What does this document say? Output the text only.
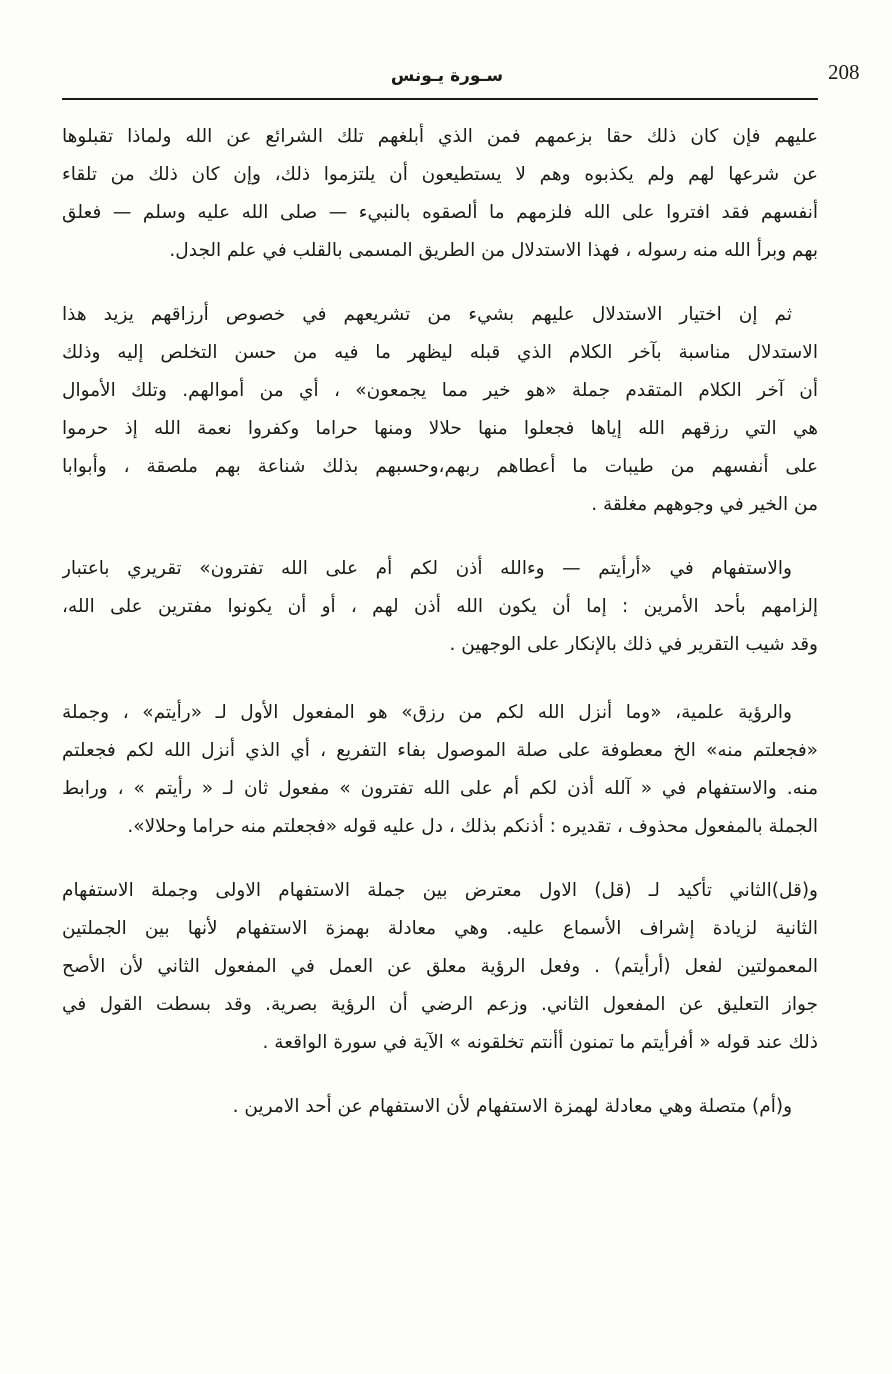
208
سـورة يـونس
عليهم فإن كان ذلك حقا بزعمهم فمن الذي أبلغهم تلك الشرائع عن الله ولماذا تقبلوها
عن شرعها لهم ولم يكذبوه وهم لا يستطيعون أن يلتزموا ذلك، وإن كان ذلك من تلقاء
أنفسهم فقد افتروا على الله فلزمهم ما ألصقوه بالنبيء — صلى الله عليه وسلم — فعلق
بهم وبرأ الله منه رسوله ، فهذا الاستدلال من الطريق المسمى بالقلب في علم الجدل.
ثم إن اختيار الاستدلال عليهم بشيء من تشريعهم في خصوص أرزاقهم يزيد هذا
الاستدلال مناسبة بآخر الكلام الذي قبله ليظهر ما فيه من حسن التخلص إليه وذلك
أن آخر الكلام المتقدم جملة «هو خير مما يجمعون» ، أي من أموالهم. وتلك الأموال
هي التي رزقهم الله إياها فجعلوا منها حلالا ومنها حراما وكفروا نعمة الله إذ حرموا
على أنفسهم من طيبات ما أعطاهم ربهم،وحسبهم بذلك شناعة بهم ملصقة ، وأبوابا
من الخير في وجوههم مغلقة .
والاستفهام في «أرأيتم — وءالله أذن لكم أم على الله تفترون» تقريري باعتبار
إلزامهم بأحد الأمرين : إما أن يكون الله أذن لهم ، أو أن يكونوا مفترين على الله،
وقد شيب التقرير في ذلك بالإنكار على الوجهين .
والرؤية علمية، «وما أنزل الله لكم من رزق» هو المفعول الأول لـ «رأيتم» ، وجملة
«فجعلتم منه» الخ معطوفة على صلة الموصول بفاء التفريع ، أي الذي أنزل الله لكم فجعلتم
منه. والاستفهام في « آلله أذن لكم أم على الله تفترون » مفعول ثان لـ « رأيتم » ، ورابط
الجملة بالمفعول محذوف ، تقديره : أذنكم بذلك ، دل عليه قوله «فجعلتم منه حراما وحلالا».
و(قل)الثاني تأكيد لـ (قل) الاول معترض بين جملة الاستفهام الاولى وجملة الاستفهام
الثانية لزيادة إشراف الأسماع عليه. وهي معادلة بهمزة الاستفهام لأنها بين الجملتين
المعمولتين لفعل (أرأيتم) . وفعل الرؤية معلق عن العمل في المفعول الثاني لأن الأصح
جواز التعليق عن المفعول الثاني. وزعم الرضي أن الرؤية بصرية. وقد بسطت القول في
ذلك عند قوله « أفرأيتم ما تمنون أأنتم تخلقونه » الآية في سورة الواقعة .
و(أم) متصلة وهي معادلة لهمزة الاستفهام لأن الاستفهام عن أحد الامرين .
